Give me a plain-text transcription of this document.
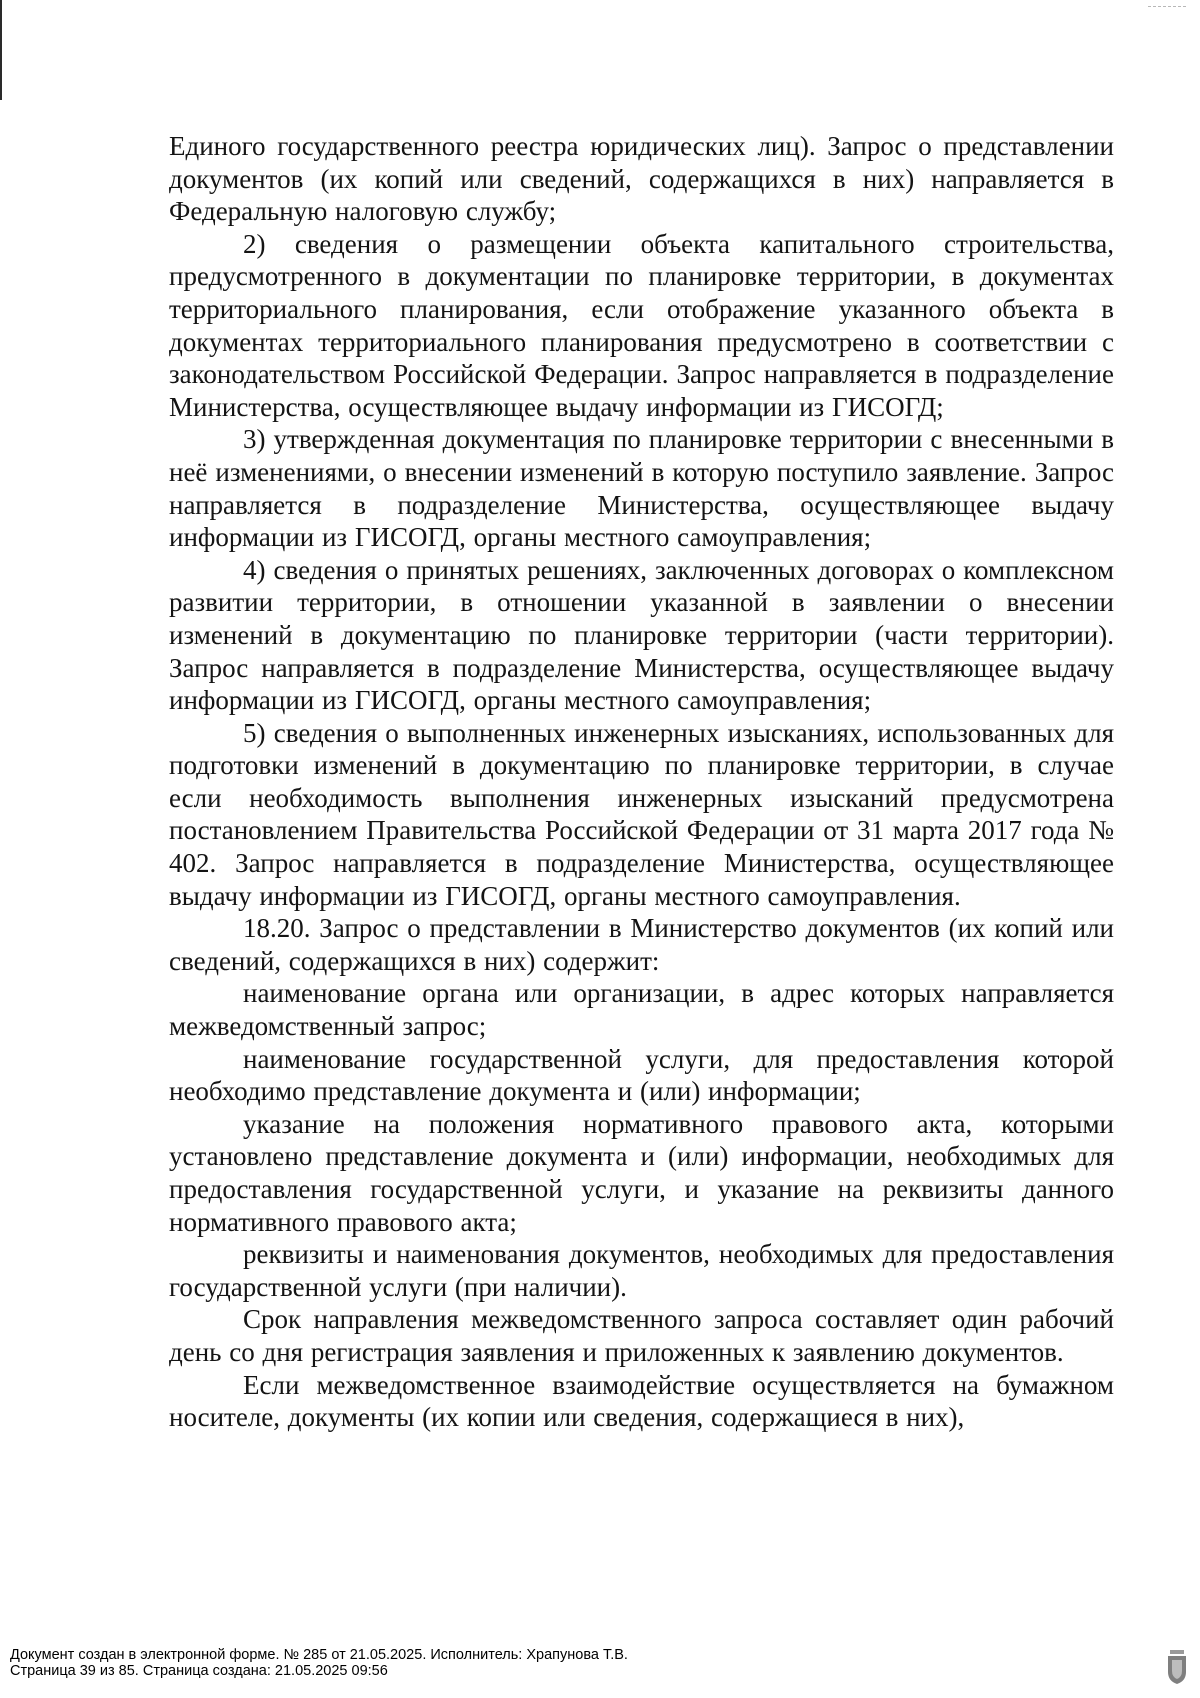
Единого государственного реестра юридических лиц). Запрос о представлении документов (их копий или сведений, содержащихся в них) направляется в Федеральную налоговую службу;

2) сведения о размещении объекта капитального строительства, предусмотренного в документации по планировке территории, в документах территориального планирования, если отображение указанного объекта в документах территориального планирования предусмотрено в соответствии с законодательством Российской Федерации. Запрос направляется в подразделение Министерства, осуществляющее выдачу информации из ГИСОГД;

3) утвержденная документация по планировке территории с внесенными в неё изменениями, о внесении изменений в которую поступило заявление. Запрос направляется в подразделение Министерства, осуществляющее выдачу информации из ГИСОГД, органы местного самоуправления;

4) сведения о принятых решениях, заключенных договорах о комплексном развитии территории, в отношении указанной в заявлении о внесении изменений в документацию по планировке территории (части территории). Запрос направляется в подразделение Министерства, осуществляющее выдачу информации из ГИСОГД, органы местного самоуправления;

5) сведения о выполненных инженерных изысканиях, использованных для подготовки изменений в документацию по планировке территории, в случае если необходимость выполнения инженерных изысканий предусмотрена постановлением Правительства Российской Федерации от 31 марта 2017 года № 402. Запрос направляется в подразделение Министерства, осуществляющее выдачу информации из ГИСОГД, органы местного самоуправления.

18.20. Запрос о представлении в Министерство документов (их копий или сведений, содержащихся в них) содержит:

наименование органа или организации, в адрес которых направляется межведомственный запрос;

наименование государственной услуги, для предоставления которой необходимо представление документа и (или) информации;

указание на положения нормативного правового акта, которыми установлено представление документа и (или) информации, необходимых для предоставления государственной услуги, и указание на реквизиты данного нормативного правового акта;

реквизиты и наименования документов, необходимых для предоставления государственной услуги (при наличии).

Срок направления межведомственного запроса составляет один рабочий день со дня регистрация заявления и приложенных к заявлению документов.

Если межведомственное взаимодействие осуществляется на бумажном носителе, документы (их копии или сведения, содержащиеся в них),

Документ создан в электронной форме. № 285 от 21.05.2025. Исполнитель: Храпунова Т.В.
Страница 39 из 85. Страница создана: 21.05.2025 09:56
